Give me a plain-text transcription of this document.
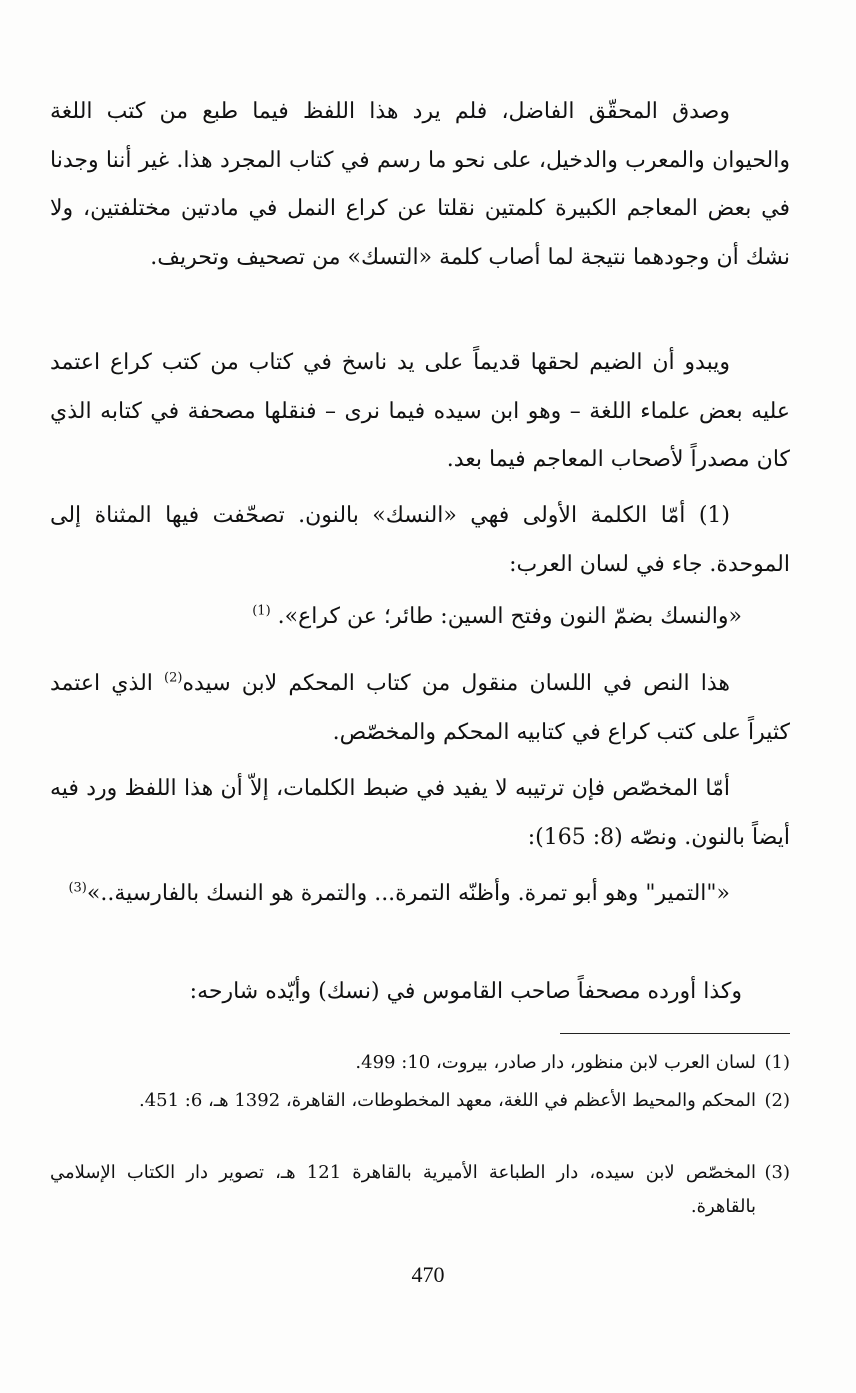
وصدق المحقّق الفاضل، فلم يرد هذا اللفظ فيما طبع من كتب اللغة والحيوان والمعرب والدخيل، على نحو ما رسم في كتاب المجرد هذا. غير أننا وجدنا في بعض المعاجم الكبيرة كلمتين نقلتا عن كراع النمل في مادتين مختلفتين، ولا نشك أن وجودهما نتيجة لما أصاب كلمة «التسك» من تصحيف وتحريف.

ويبدو أن الضيم لحقها قديماً على يد ناسخ في كتاب من كتب كراع اعتمد عليه بعض علماء اللغة – وهو ابن سيده فيما نرى – فنقلها مصحفة في كتابه الذي كان مصدراً لأصحاب المعاجم فيما بعد.

(1) أمّا الكلمة الأولى فهي «النسك» بالنون. تصحّفت فيها المثناة إلى الموحدة. جاء في لسان العرب:

«والنسك بضمّ النون وفتح السين: طائر؛ عن كراع». $^{(1)}$

هذا النص في اللسان منقول من كتاب المحكم لابن سيده$^{(2)}$ الذي اعتمد كثيراً على كتب كراع في كتابيه المحكم والمخصّص.

أمّا المخصّص فإن ترتيبه لا يفيد في ضبط الكلمات، إلاّ أن هذا اللفظ ورد فيه أيضاً بالنون. ونصّه (8: 165):

«"التمير" وهو أبو تمرة. وأظنّه التمرة... والتمرة هو النسك بالفارسية..»$^{(3)}$

وكذا أورده مصحفاً صاحب القاموس في (نسك) وأيّده شارحه:

(1)
لسان العرب لابن منظور، دار صادر، بيروت، 10: 499.
(2)
المحكم والمحيط الأعظم في اللغة، معهد المخطوطات، القاهرة، 1392 هـ، 6: 451.
(3)
المخصّص لابن سيده، دار الطباعة الأميرية بالقاهرة 121 هـ، تصوير دار الكتاب الإسلامي بالقاهرة.
470
